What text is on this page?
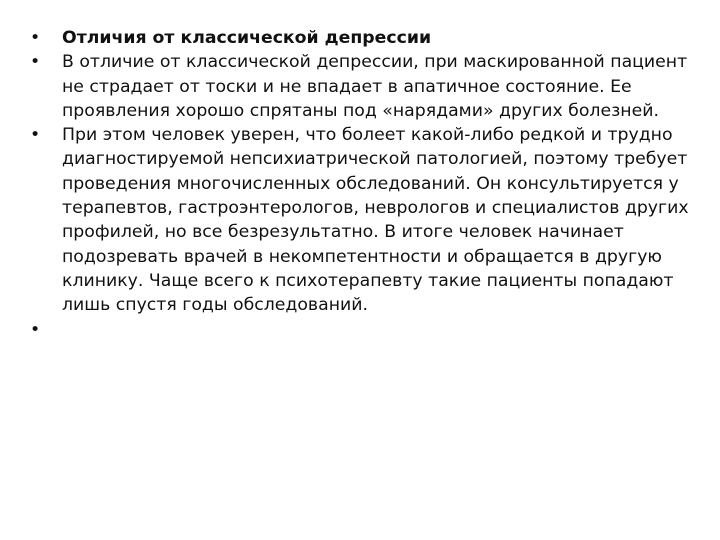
•	Отличия от классической депрессии
•	В отличие от классической депрессии, при маскированной пациент не страдает от тоски и не впадает в апатичное состояние. Ее проявления хорошо спрятаны под «нарядами» других болезней.
•	При этом человек уверен, что болеет какой-либо редкой и трудно диагностируемой непсихиатрической патологией, поэтому требует проведения многочисленных обследований. Он консультируется у терапевтов, гастроэнтерологов, неврологов и специалистов других профилей, но все безрезультатно. В итоге человек начинает подозревать врачей в некомпетентности и обращается в другую клинику. Чаще всего к психотерапевту такие пациенты попадают лишь спустя годы обследований.
•
